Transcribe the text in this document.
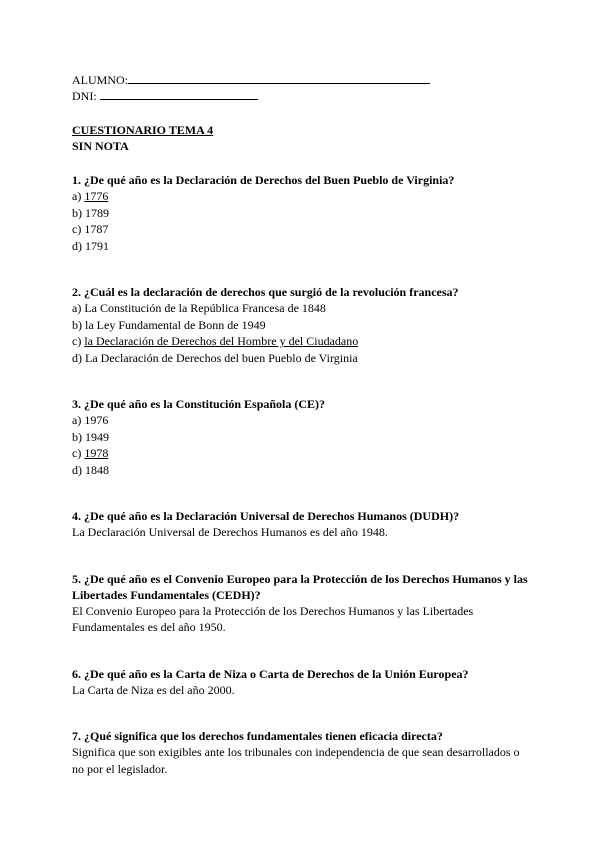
ALUMNO:
DNI:
CUESTIONARIO TEMA 4
SIN NOTA
1. ¿De qué año es la Declaración de Derechos del Buen Pueblo de Virginia?
a) 1776
b) 1789
c) 1787
d) 1791
2. ¿Cuál es la declaración de derechos que surgió de la revolución francesa?
a) La Constitución de la República Francesa de 1848
b) la Ley Fundamental de Bonn de 1949
c) la Declaración de Derechos del Hombre y del Ciudadano
d) La Declaración de Derechos del buen Pueblo de Virginia
3. ¿De qué año es la Constitución Española (CE)?
a) 1976
b) 1949
c) 1978
d) 1848
4. ¿De qué año es la Declaración Universal de Derechos Humanos (DUDH)?
La Declaración Universal de Derechos Humanos es del año 1948.
5. ¿De qué año es el Convenio Europeo para la Protección de los Derechos Humanos y las Libertades Fundamentales (CEDH)?
El Convenio Europeo para la Protección de los Derechos Humanos y las Libertades Fundamentales es del año 1950.
6. ¿De qué año es la Carta de Niza o Carta de Derechos de la Unión Europea?
La Carta de Niza es del año 2000.
7. ¿Qué significa que los derechos fundamentales tienen eficacia directa?
Significa que son exigibles ante los tribunales con independencia de que sean desarrollados o no por el legislador.
